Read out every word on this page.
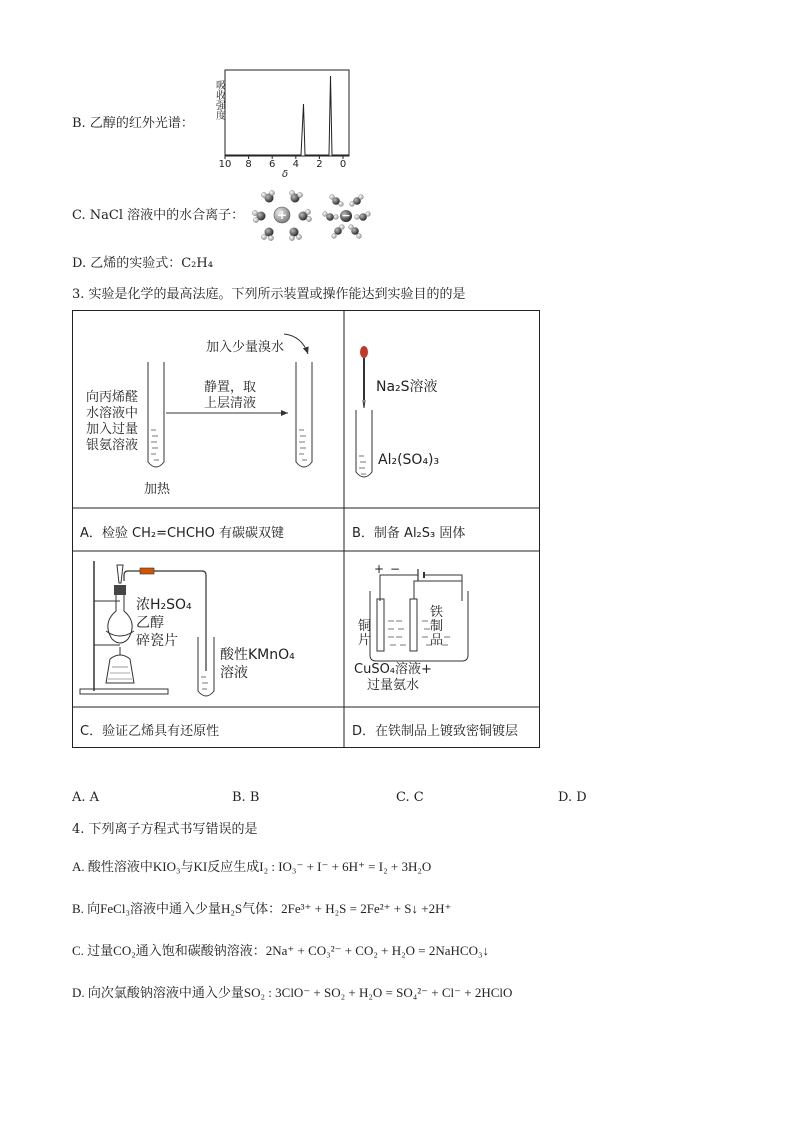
B. 乙醇的红外光谱：
吸收强度
10 8 6 4 2 0
δ
C. NaCl 溶液中的水合离子：	+	−
D. 乙烯的实验式：C₂H₄
3. 实验是化学的最高法庭。下列所示装置或操作能达到实验目的的是
加入少量溴水
向丙烯醛
水溶液中
加入过量
银氨溶液
静置，取
上层清液
加热
A．检验 CH₂=CHCHO 有碳碳双键
Na₂S溶液
Al₂(SO₄)₃
B．制备 Al₂S₃ 固体
浓H₂SO₄
乙醇
碎瓷片
酸性KMnO₄
溶液
C．验证乙烯具有还原性
+ −
铜
片
铁
制
品
CuSO₄溶液+
过量氨水
D．在铁制品上镀致密铜镀层
A. A	B. B	C. C	D. D
4. 下列离子方程式书写错误的是
A. 酸性溶液中KIO₃与KI反应生成I₂ : IO₃⁻ + I⁻ + 6H⁺ = I₂ + 3H₂O
B. 向FeCl₃溶液中通入少量H₂S气体：2Fe³⁺ + H₂S = 2Fe²⁺ + S↓ +2H⁺
C. 过量CO₂通入饱和碳酸钠溶液：2Na⁺ + CO₃²⁻ + CO₂ + H₂O = 2NaHCO₃↓
D. 向次氯酸钠溶液中通入少量SO₂ : 3ClO⁻ + SO₂ + H₂O = SO₄²⁻ + Cl⁻ + 2HClO
